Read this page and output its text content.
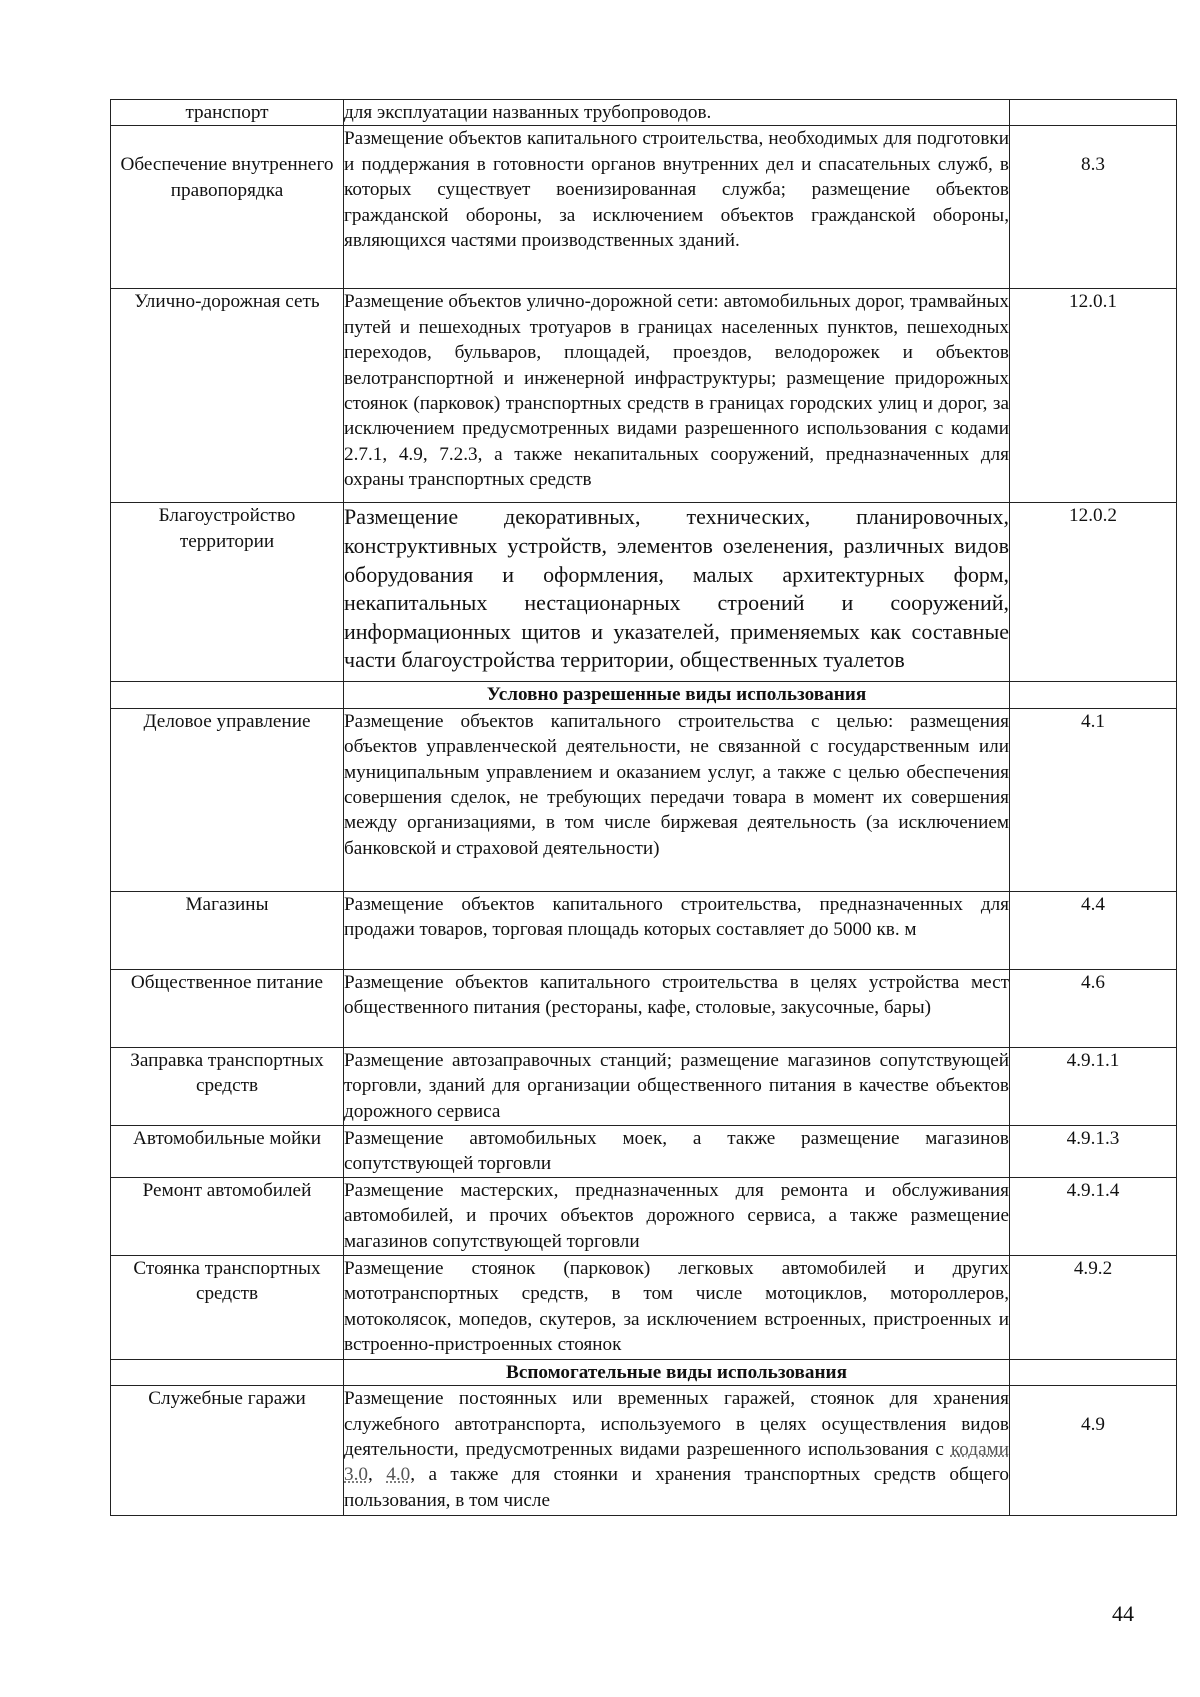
транспорт	для эксплуатации названных трубопроводов.	
Обеспечение внутреннего правопорядка	Размещение объектов капитального строительства, необходимых для подготовки и поддержания в готовности органов внутренних дел и спасательных служб, в которых существует военизированная служба; размещение объектов гражданской обороны, за исключением объектов гражданской обороны, являющихся частями производственных зданий.	8.3
Улично-дорожная сеть	Размещение объектов улично-дорожной сети: автомобильных дорог, трамвайных путей и пешеходных тротуаров в границах населенных пунктов, пешеходных переходов, бульваров, площадей, проездов, велодорожек и объектов велотранспортной и инженерной инфраструктуры; размещение придорожных стоянок (парковок) транспортных средств в границах городских улиц и дорог, за исключением предусмотренных видами разрешенного использования с кодами 2.7.1, 4.9, 7.2.3, а также некапитальных сооружений, предназначенных для охраны транспортных средств	12.0.1
Благоустройство территории	Размещение декоративных, технических, планировочных, конструктивных устройств, элементов озеленения, различных видов оборудования и оформления, малых архитектурных форм, некапитальных нестационарных строений и сооружений, информационных щитов и указателей, применяемых как составные части благоустройства территории, общественных туалетов	12.0.2
	Условно разрешенные виды использования	
Деловое управление	Размещение объектов капитального строительства с целью: размещения объектов управленческой деятельности, не связанной с государственным или муниципальным управлением и оказанием услуг, а также с целью обеспечения совершения сделок, не требующих передачи товара в момент их совершения между организациями, в том числе биржевая деятельность (за исключением банковской и страховой деятельности)	4.1
Магазины	Размещение объектов капитального строительства, предназначенных для продажи товаров, торговая площадь которых составляет до 5000 кв. м	4.4
Общественное питание	Размещение объектов капитального строительства в целях устройства мест общественного питания (рестораны, кафе, столовые, закусочные, бары)	4.6
Заправка транспортных средств	Размещение автозаправочных станций; размещение магазинов сопутствующей торговли, зданий для организации общественного питания в качестве объектов дорожного сервиса	4.9.1.1
Автомобильные мойки	Размещение автомобильных моек, а также размещение магазинов сопутствующей торговли	4.9.1.3
Ремонт автомобилей	Размещение мастерских, предназначенных для ремонта и обслуживания автомобилей, и прочих объектов дорожного сервиса, а также размещение магазинов сопутствующей торговли	4.9.1.4
Стоянка транспортных средств	Размещение стоянок (парковок) легковых автомобилей и других мототранспортных средств, в том числе мотоциклов, мотороллеров, мотоколясок, мопедов, скутеров, за исключением встроенных, пристроенных и встроенно-пристроенных стоянок	4.9.2
	Вспомогательные виды использования	
Служебные гаражи	Размещение постоянных или временных гаражей, стоянок для хранения служебного автотранспорта, используемого в целях осуществления видов деятельности, предусмотренных видами разрешенного использования с кодами 3.0, 4.0, а также для стоянки и хранения транспортных средств общего пользования, в том числе	4.9
44
